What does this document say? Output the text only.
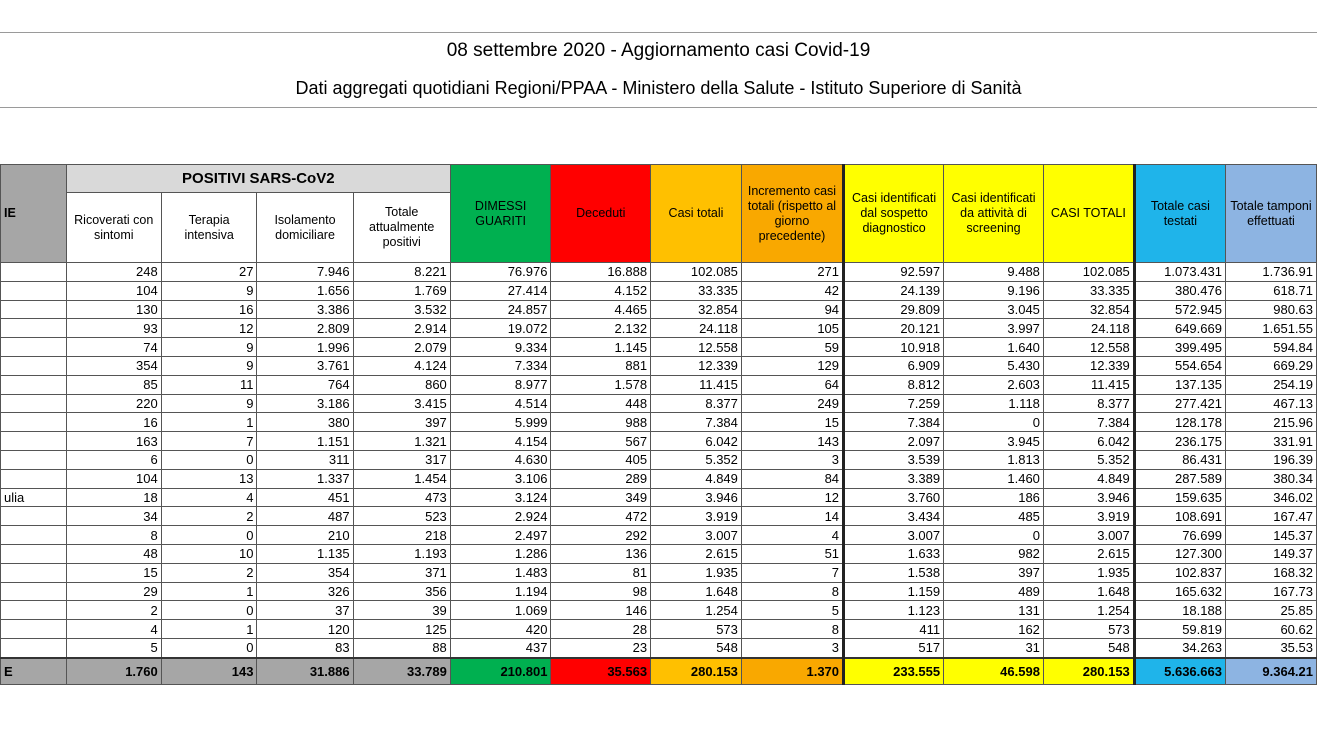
08 settembre 2020 - Aggiornamento casi Covid-19
Dati aggregati quotidiani Regioni/PPAA - Ministero della Salute - Istituto Superiore di Sanità
IE	POSITIVI SARS-CoV2				DIMESSI GUARITI	Deceduti	Casi totali	Incremento casi totali (rispetto al giorno precedente)	Casi identificati dal sospetto diagnostico	Casi identificati da attività di screening	CASI TOTALI	Totale casi testati	Totale tamponi effettuati
	Ricoverati con sintomi	Terapia intensiva	Isolamento domiciliare	Totale attualmente positivi									
	248	27	7.946	8.221	76.976	16.888	102.085	271	92.597	9.488	102.085	1.073.431	1.736.91
	104	9	1.656	1.769	27.414	4.152	33.335	42	24.139	9.196	33.335	380.476	618.71
	130	16	3.386	3.532	24.857	4.465	32.854	94	29.809	3.045	32.854	572.945	980.63
	93	12	2.809	2.914	19.072	2.132	24.118	105	20.121	3.997	24.118	649.669	1.651.55
	74	9	1.996	2.079	9.334	1.145	12.558	59	10.918	1.640	12.558	399.495	594.84
	354	9	3.761	4.124	7.334	881	12.339	129	6.909	5.430	12.339	554.654	669.29
	85	11	764	860	8.977	1.578	11.415	64	8.812	2.603	11.415	137.135	254.19
	220	9	3.186	3.415	4.514	448	8.377	249	7.259	1.118	8.377	277.421	467.13
	16	1	380	397	5.999	988	7.384	15	7.384	0	7.384	128.178	215.96
	163	7	1.151	1.321	4.154	567	6.042	143	2.097	3.945	6.042	236.175	331.91
	6	0	311	317	4.630	405	5.352	3	3.539	1.813	5.352	86.431	196.39
	104	13	1.337	1.454	3.106	289	4.849	84	3.389	1.460	4.849	287.589	380.34
ulia	18	4	451	473	3.124	349	3.946	12	3.760	186	3.946	159.635	346.02
	34	2	487	523	2.924	472	3.919	14	3.434	485	3.919	108.691	167.47
	8	0	210	218	2.497	292	3.007	4	3.007	0	3.007	76.699	145.37
	48	10	1.135	1.193	1.286	136	2.615	51	1.633	982	2.615	127.300	149.37
	15	2	354	371	1.483	81	1.935	7	1.538	397	1.935	102.837	168.32
	29	1	326	356	1.194	98	1.648	8	1.159	489	1.648	165.632	167.73
	2	0	37	39	1.069	146	1.254	5	1.123	131	1.254	18.188	25.85
	4	1	120	125	420	28	573	8	411	162	573	59.819	60.62
	5	0	83	88	437	23	548	3	517	31	548	34.263	35.53
E	1.760	143	31.886	33.789	210.801	35.563	280.153	1.370	233.555	46.598	280.153	5.636.663	9.364.21
